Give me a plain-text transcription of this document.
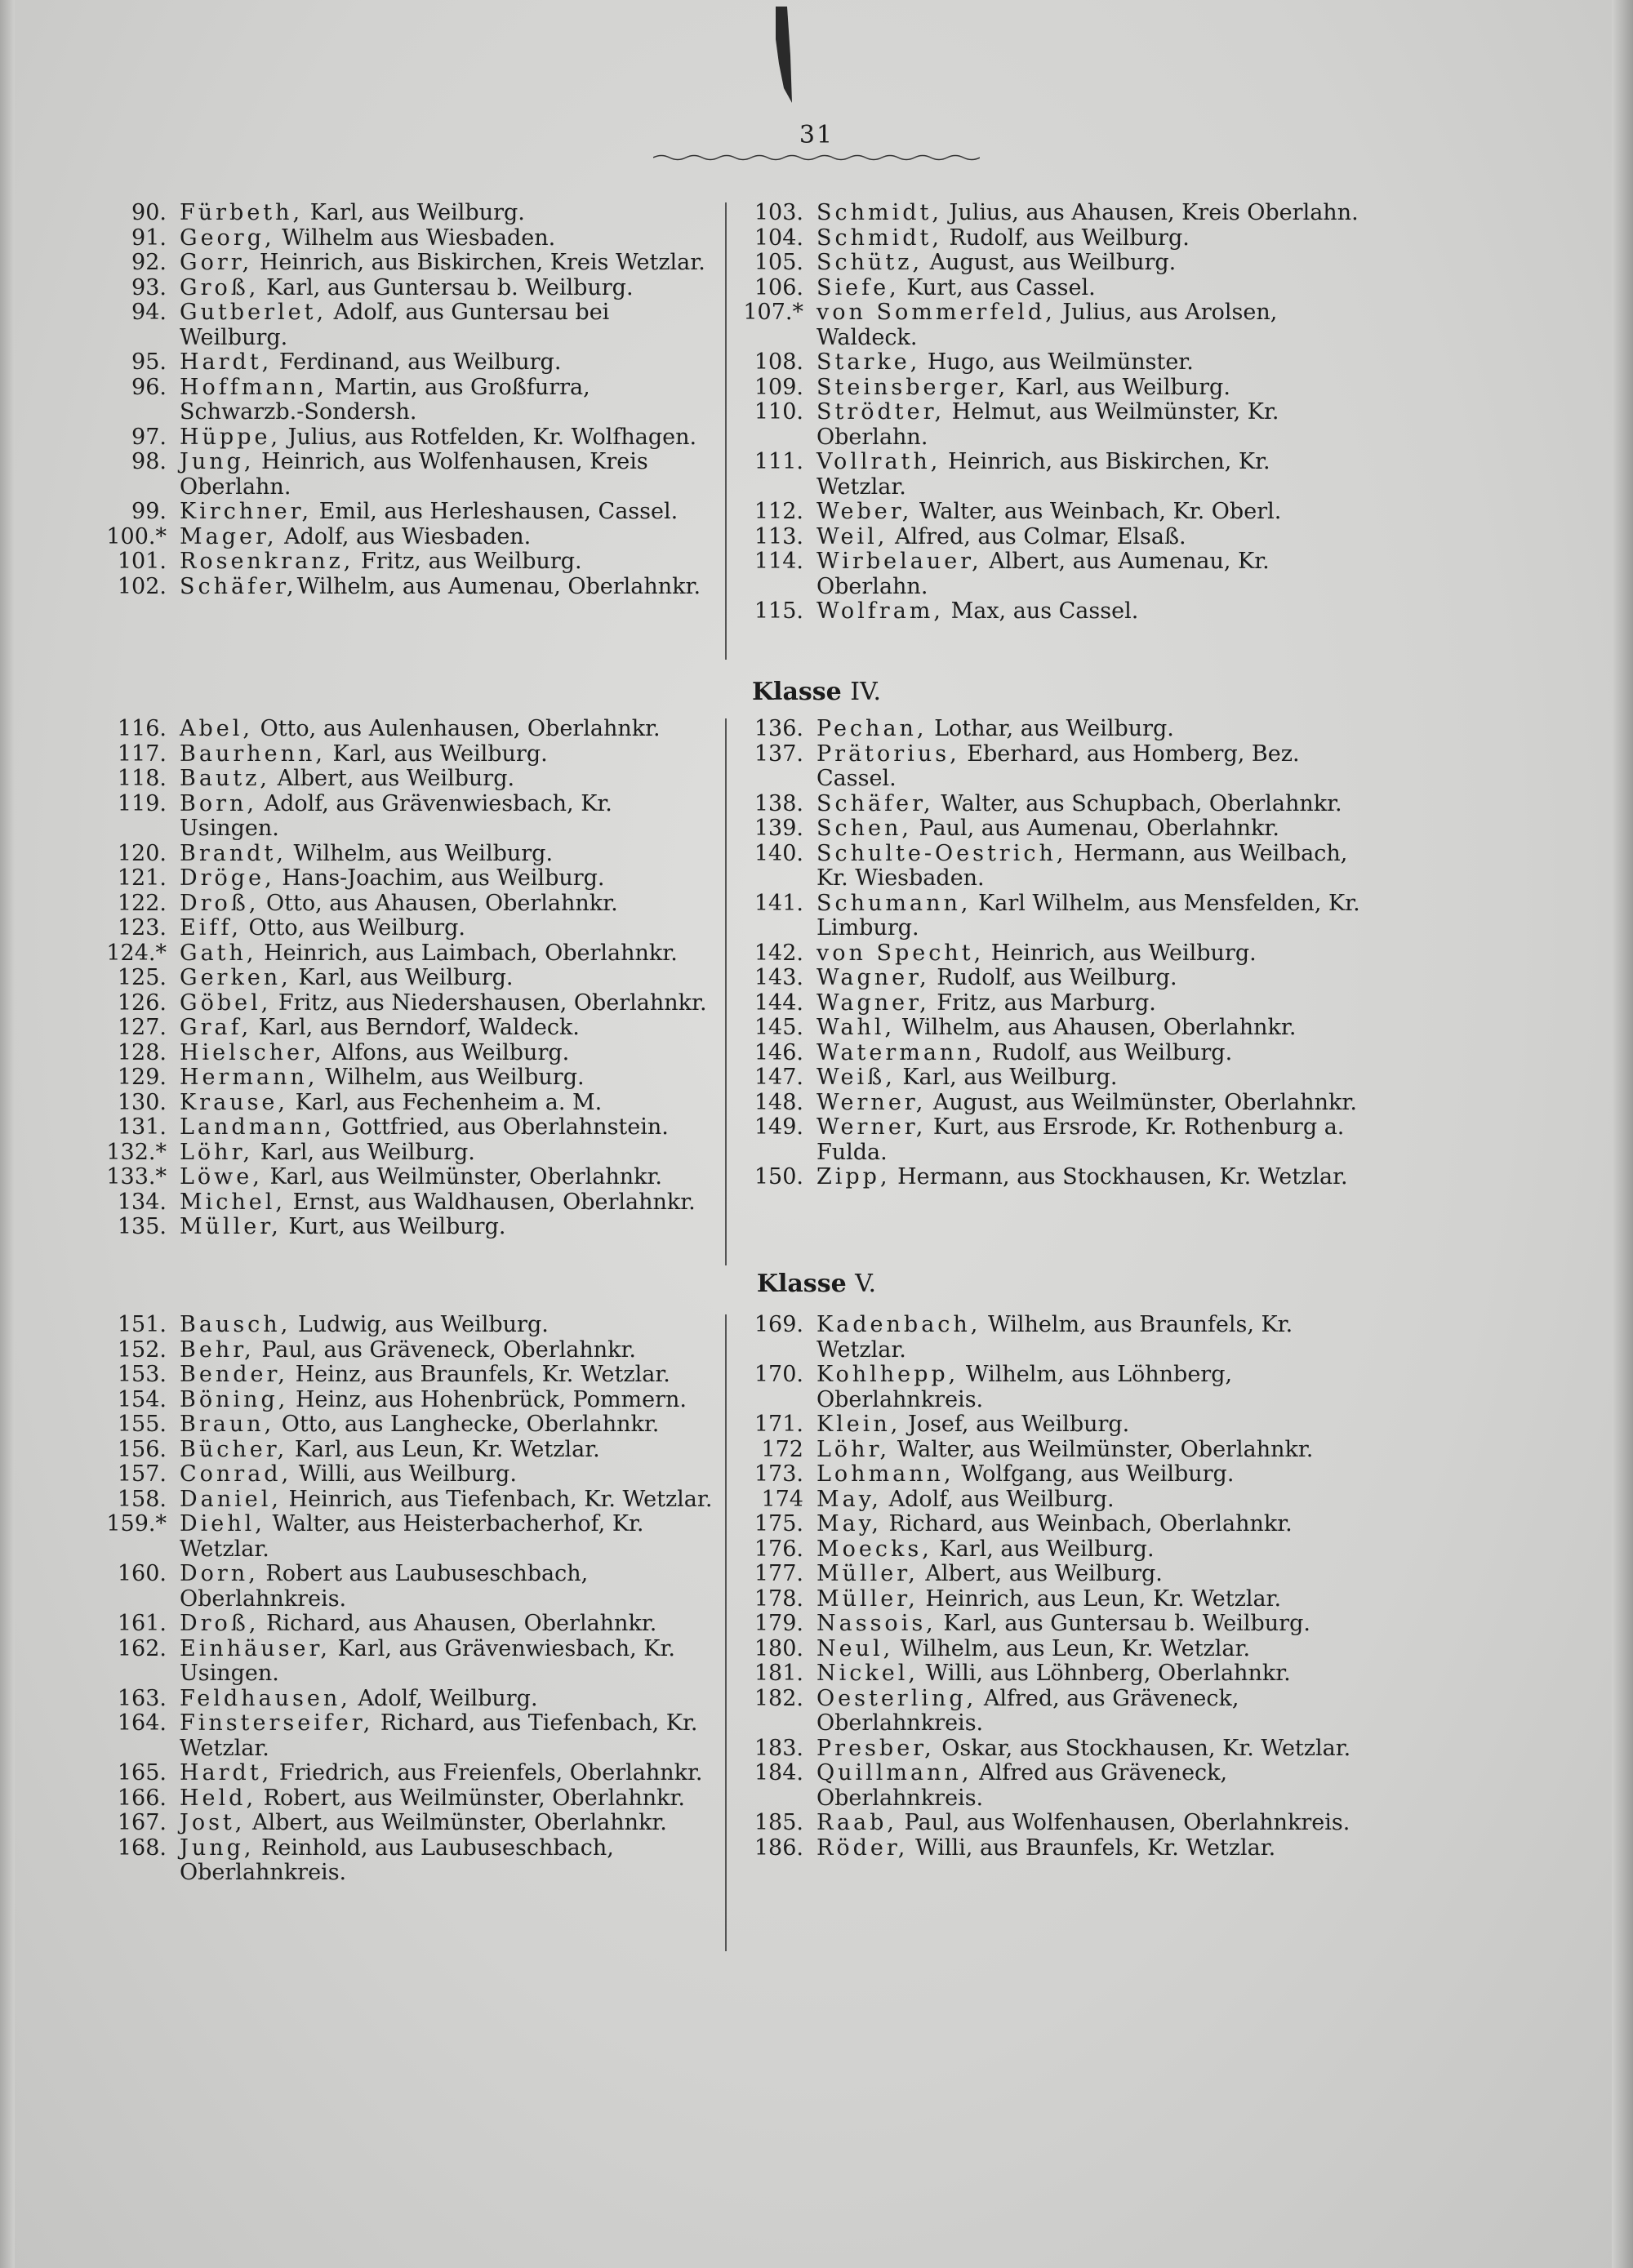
31
90. Fürbeth, Karl, aus Weilburg.
91. Georg, Wilhelm aus Wiesbaden.
92. Gorr, Heinrich, aus Biskirchen, Kreis Wetzlar.
93. Groß, Karl, aus Guntersau b. Weilburg.
94. Gutberlet, Adolf, aus Guntersau bei Weilburg.
95. Hardt, Ferdinand, aus Weilburg.
96. Hoffmann, Martin, aus Großfurra, Schwarzb.-Sondersh.
97. Hüppe, Julius, aus Rotfelden, Kr. Wolfhagen.
98. Jung, Heinrich, aus Wolfenhausen, Kreis Oberlahn.
99. Kirchner, Emil, aus Herleshausen, Cassel.
100.* Mager, Adolf, aus Wiesbaden.
101. Rosenkranz, Fritz, aus Weilburg.
102. Schäfer,Wilhelm, aus Aumenau, Oberlahnkr.
103. Schmidt, Julius, aus Ahausen, Kreis Oberlahn.
104. Schmidt, Rudolf, aus Weilburg.
105. Schütz, August, aus Weilburg.
106. Siefe, Kurt, aus Cassel.
107.* von Sommerfeld, Julius, aus Arolsen, Waldeck.
108. Starke, Hugo, aus Weilmünster.
109. Steinsberger, Karl, aus Weilburg.
110. Strödter, Helmut, aus Weilmünster, Kr. Oberlahn.
111. Vollrath, Heinrich, aus Biskirchen, Kr. Wetzlar.
112. Weber, Walter, aus Weinbach, Kr. Oberl.
113. Weil, Alfred, aus Colmar, Elsaß.
114. Wirbelauer, Albert, aus Aumenau, Kr. Oberlahn.
115. Wolfram, Max, aus Cassel.
Klasse IV.
116. Abel, Otto, aus Aulenhausen, Oberlahnkr.
117. Baurhenn, Karl, aus Weilburg.
118. Bautz, Albert, aus Weilburg.
119. Born, Adolf, aus Grävenwiesbach, Kr. Usingen.
120. Brandt, Wilhelm, aus Weilburg.
121. Dröge, Hans-Joachim, aus Weilburg.
122. Droß, Otto, aus Ahausen, Oberlahnkr.
123. Eiff, Otto, aus Weilburg.
124.* Gath, Heinrich, aus Laimbach, Oberlahnkr.
125. Gerken, Karl, aus Weilburg.
126. Göbel, Fritz, aus Niedershausen, Oberlahnkr.
127. Graf, Karl, aus Berndorf, Waldeck.
128. Hielscher, Alfons, aus Weilburg.
129. Hermann, Wilhelm, aus Weilburg.
130. Krause, Karl, aus Fechenheim a. M.
131. Landmann, Gottfried, aus Oberlahnstein.
132.* Löhr, Karl, aus Weilburg.
133.* Löwe, Karl, aus Weilmünster, Oberlahnkr.
134. Michel, Ernst, aus Waldhausen, Oberlahnkr.
135. Müller, Kurt, aus Weilburg.
136. Pechan, Lothar, aus Weilburg.
137. Prätorius, Eberhard, aus Homberg, Bez. Cassel.
138. Schäfer, Walter, aus Schupbach, Oberlahnkr.
139. Schen, Paul, aus Aumenau, Oberlahnkr.
140. Schulte-Oestrich, Hermann, aus Weilbach, Kr. Wiesbaden.
141. Schumann, Karl Wilhelm, aus Mensfelden, Kr. Limburg.
142. von Specht, Heinrich, aus Weilburg.
143. Wagner, Rudolf, aus Weilburg.
144. Wagner, Fritz, aus Marburg.
145. Wahl, Wilhelm, aus Ahausen, Oberlahnkr.
146. Watermann, Rudolf, aus Weilburg.
147. Weiß, Karl, aus Weilburg.
148. Werner, August, aus Weilmünster, Oberlahnkr.
149. Werner, Kurt, aus Ersrode, Kr. Rothenburg a. Fulda.
150. Zipp, Hermann, aus Stockhausen, Kr. Wetzlar.
Klasse V.
151. Bausch, Ludwig, aus Weilburg.
152. Behr, Paul, aus Grävenеck, Oberlahnkr.
153. Bender, Heinz, aus Braunfels, Kr. Wetzlar.
154. Böning, Heinz, aus Hohenbrück, Pommern.
155. Braun, Otto, aus Langhecke, Oberlahnkr.
156. Bücher, Karl, aus Leun, Kr. Wetzlar.
157. Conrad, Willi, aus Weilburg.
158. Daniel, Heinrich, aus Tiefenbach, Kr. Wetzlar.
159.* Diehl, Walter, aus Heisterbacherhof, Kr. Wetzlar.
160. Dorn, Robert aus Laubuseschbach, Oberlahnkreis.
161. Droß, Richard, aus Ahausen, Oberlahnkr.
162. Einhäuser, Karl, aus Grävenwiesbach, Kr. Usingen.
163. Feldhausen, Adolf, Weilburg.
164. Finsterseifer, Richard, aus Tiefenbach, Kr. Wetzlar.
165. Hardt, Friedrich, aus Freienfels, Oberlahnkr.
166. Held, Robert, aus Weilmünster, Oberlahnkr.
167. Jost, Albert, aus Weilmünster, Oberlahnkr.
168. Jung, Reinhold, aus Laubuseschbach, Oberlahnkreis.
169. Kadenbach, Wilhelm, aus Braunfels, Kr. Wetzlar.
170. Kohlhepp, Wilhelm, aus Löhnberg, Oberlahnkreis.
171. Klein, Josef, aus Weilburg.
172 Löhr, Walter, aus Weilmünster, Oberlahnkr.
173. Lohmann, Wolfgang, aus Weilburg.
174 May, Adolf, aus Weilburg.
175. May, Richard, aus Weinbach, Oberlahnkr.
176. Moecks, Karl, aus Weilburg.
177. Müller, Albert, aus Weilburg.
178. Müller, Heinrich, aus Leun, Kr. Wetzlar.
179. Nassois, Karl, aus Guntersau b. Weilburg.
180. Neul, Wilhelm, aus Leun, Kr. Wetzlar.
181. Nickel, Willi, aus Löhnberg, Oberlahnkr.
182. Oesterling, Alfred, aus Grävenеck, Oberlahnkreis.
183. Presber, Oskar, aus Stockhausen, Kr. Wetzlar.
184. Quillmann, Alfred aus Grävenеck, Oberlahnkreis.
185. Raab, Paul, aus Wolfenhausen, Oberlahnkreis.
186. Röder, Willi, aus Braunfels, Kr. Wetzlar.
